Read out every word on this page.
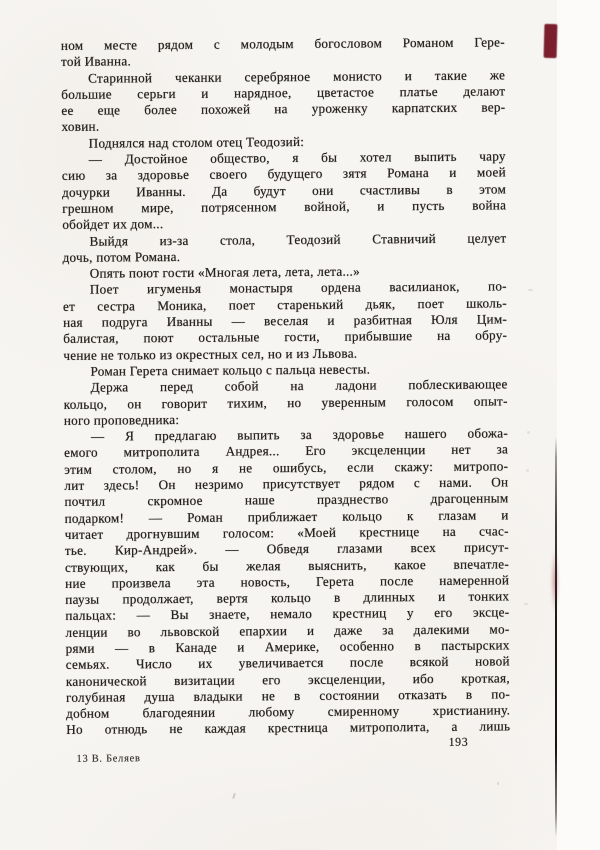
ном месте рядом с молодым богословом Романом Гере-
той Иванна.
Старинной чеканки серебряное монисто и такие же
большие серьги и нарядное, цветастое платье делают
ее еще более похожей на уроженку карпатских вер-
ховин.
Поднялся над столом отец Теодозий:
— Достойное общество, я бы хотел выпить чару
сию за здоровье своего будущего зятя Романа и моей
дочурки Иванны. Да будут они счастливы в этом
грешном мире, потрясенном войной, и пусть война
обойдет их дом...
Выйдя из-за стола, Теодозий Ставничий целует
дочь, потом Романа.
Опять поют гости «Многая лета, лета, лета...»
Поет игуменья монастыря ордена василианок, по-
ет сестра Моника, поет старенький дьяк, поет школь-
ная подруга Иванны — веселая и разбитная Юля Цим-
балистая, поют остальные гости, прибывшие на обру-
чение не только из окрестных сел, но и из Львова.
Роман Герета снимает кольцо с пальца невесты.
Держа перед собой на ладони поблескивающее
кольцо, он говорит тихим, но уверенным голосом опыт-
ного проповедника:
— Я предлагаю выпить за здоровье нашего обожа-
емого митрополита Андрея... Его эксцеленции нет за
этим столом, но я не ошибусь, если скажу: митропо-
лит здесь! Он незримо присутствует рядом с нами. Он
почтил скромное наше празднество драгоценным
подарком! — Роман приближает кольцо к глазам и
читает дрогнувшим голосом: «Моей крестнице на счас-
тье. Кир-Андрей». — Обведя глазами всех присут-
ствующих, как бы желая выяснить, какое впечатле-
ние произвела эта новость, Герета после намеренной
паузы продолжает, вертя кольцо в длинных и тонких
пальцах: — Вы знаете, немало крестниц у его эксце-
ленции во львовской епархии и даже за далекими мо-
рями — в Канаде и Америке, особенно в пастырских
семьях. Число их увеличивается после всякой новой
канонической визитации его эксцеленции, ибо кроткая,
голубиная душа владыки не в состоянии отказать в по-
добном благодеянии любому смиренному христианину.
Но отнюдь не каждая крестница митрополита, а лишь
193
13 В. Беляев
